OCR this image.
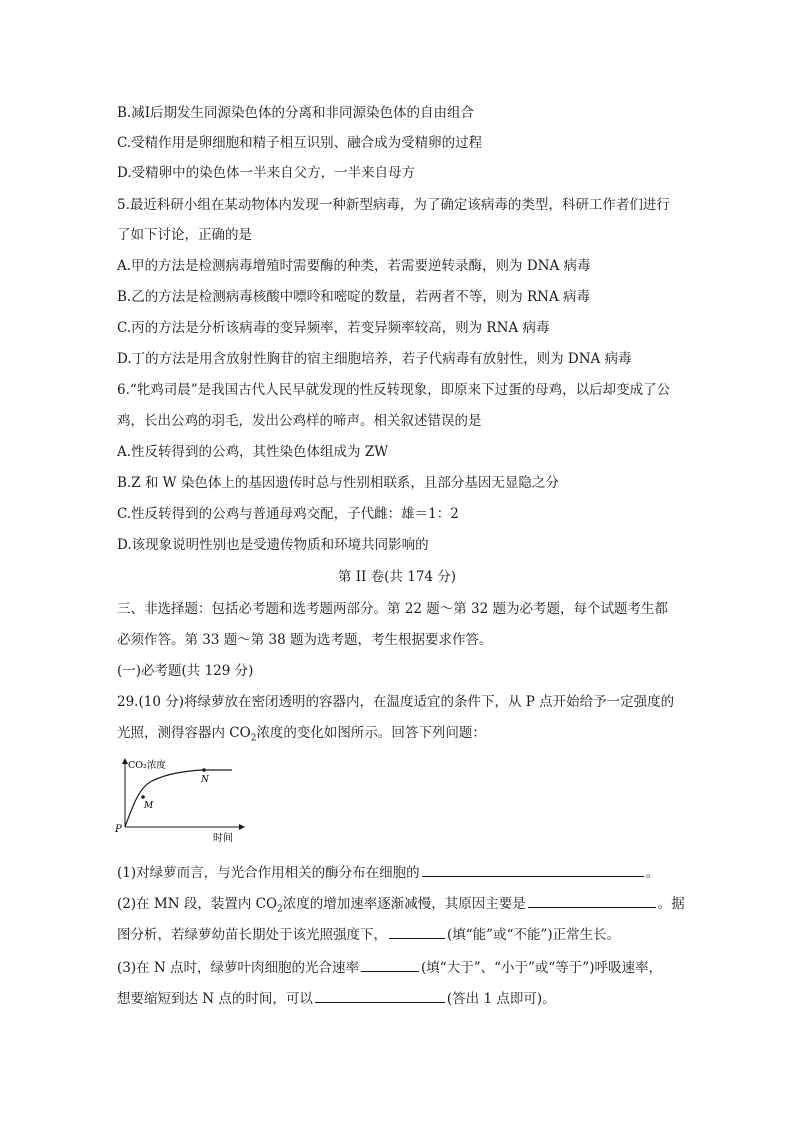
B.减Ⅰ后期发生同源染色体的分离和非同源染色体的自由组合
C.受精作用是卵细胞和精子相互识别、融合成为受精卵的过程
D.受精卵中的染色体一半来自父方，一半来自母方
5.最近科研小组在某动物体内发现一种新型病毒，为了确定该病毒的类型，科研工作者们进行
了如下讨论，正确的是
A.甲的方法是检测病毒增殖时需要酶的种类，若需要逆转录酶，则为 DNA 病毒
B.乙的方法是检测病毒核酸中嘌呤和嘧啶的数量，若两者不等，则为 RNA 病毒
C.丙的方法是分析该病毒的变异频率，若变异频率较高，则为 RNA 病毒
D.丁的方法是用含放射性胸苷的宿主细胞培养，若子代病毒有放射性，则为 DNA 病毒
6.“牝鸡司晨”是我国古代人民早就发现的性反转现象，即原来下过蛋的母鸡，以后却变成了公
鸡，长出公鸡的羽毛，发出公鸡样的啼声。相关叙述错误的是
A.性反转得到的公鸡，其性染色体组成为 ZW
B.Z 和 W 染色体上的基因遗传时总与性别相联系，且部分基因无显隐之分
C.性反转得到的公鸡与普通母鸡交配，子代雌：雄＝1：2
D.该现象说明性别也是受遗传物质和环境共同影响的
第 II 卷(共 174 分)
三、非选择题：包括必考题和选考题两部分。第 22 题～第 32 题为必考题，每个试题考生都
必须作答。第 33 题～第 38 题为选考题，考生根据要求作答。
(一)必考题(共 129 分)
29.(10 分)将绿萝放在密闭透明的容器内，在温度适宜的条件下，从 P 点开始给予一定强度的
光照，测得容器内 $CO_2$浓度的变化如图所示。回答下列问题：
CO₂浓度
时间
P
M
N
(1)对绿萝而言，与光合作用相关的酶分布在细胞的	。
(2)在 MN 段，装置内 $CO_2$浓度的增加速率逐渐减慢，其原因主要是	。据
图分析，若绿萝幼苗长期处于该光照强度下，	(填“能”或“不能”)正常生长。
(3)在 N 点时，绿萝叶肉细胞的光合速率	(填“大于”、“小于”或“等于”)呼吸速率，
想要缩短到达 N 点的时间，可以	(答出 1 点即可)。
